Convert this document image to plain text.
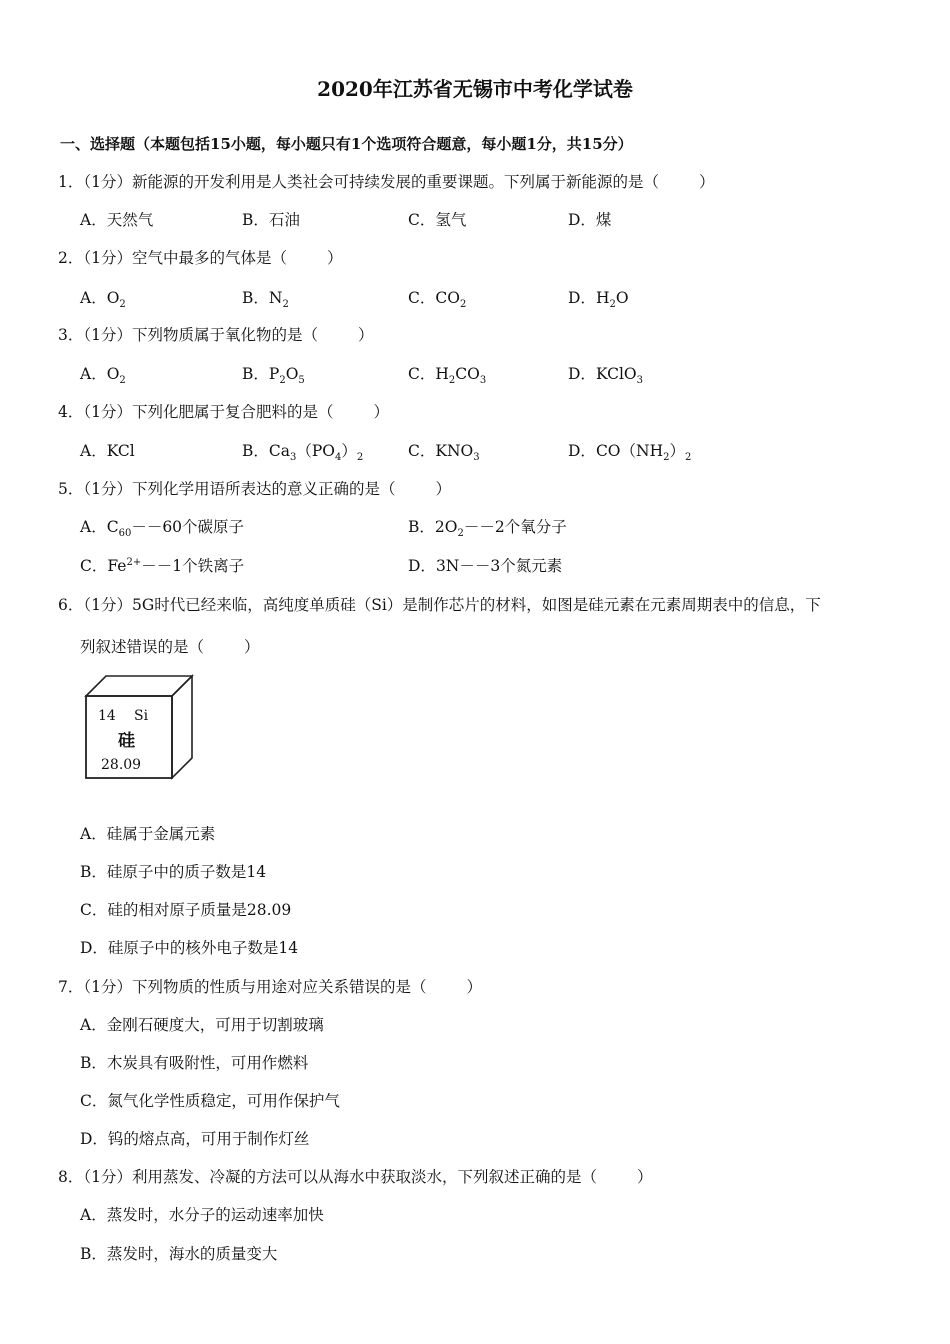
2020年江苏省无锡市中考化学试卷
一、选择题（本题包括15小题，每小题只有1个选项符合题意，每小题1分，共15分）
1．（1分）新能源的开发利用是人类社会可持续发展的重要课题。下列属于新能源的是（	）
A．天然气	B．石油	C．氢气	D．煤
2．（1分）空气中最多的气体是（	）
A．$O_2$	B．$N_2$	C．$CO_2$	D．$H_2O$
3．（1分）下列物质属于氧化物的是（	）
A．$O_2$	B．$P_2O_5$	C．$H_2CO_3$	D．KClO$_3$
4．（1分）下列化肥属于复合肥料的是（	）
A．KCl	B．$Ca_3(PO_4)_2$	C．$KNO_3$	D．$CO(NH_2)_2$
5．（1分）下列化学用语所表达的意义正确的是（	）
A．$C_{60}--60$个碳原子	B．$2O_2--2$个氧分子
C．$Fe^{2+}--1$个铁离子	D．3N－－3个氮元素
6．（1分）5G时代已经来临，高纯度单质硅（Si）是制作芯片的材料，如图是硅元素在元素周期表中的信息，下
列叙述错误的是（	）
14 Si
硅
28.09
A．硅属于金属元素
B．硅原子中的质子数是14
C．硅的相对原子质量是28.09
D．硅原子中的核外电子数是14
7．（1分）下列物质的性质与用途对应关系错误的是（	）
A．金刚石硬度大，可用于切割玻璃
B．木炭具有吸附性，可用作燃料
C．氮气化学性质稳定，可用作保护气
D．钨的熔点高，可用于制作灯丝
8．（1分）利用蒸发、冷凝的方法可以从海水中获取淡水，下列叙述正确的是（	）
A．蒸发时，水分子的运动速率加快
B．蒸发时，海水的质量变大
